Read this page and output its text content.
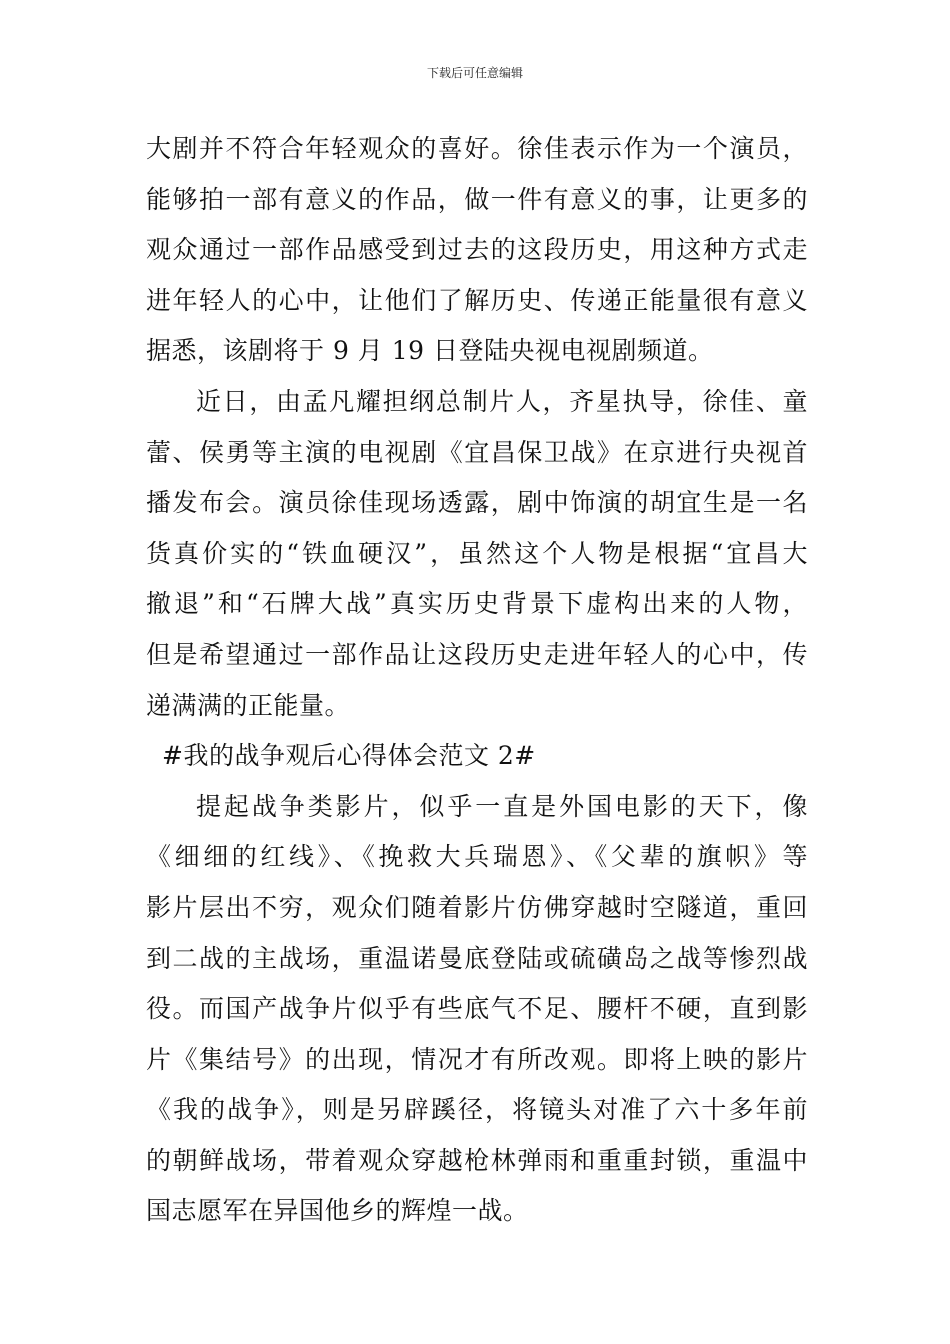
下载后可任意编辑
大剧并不符合年轻观众的喜好。徐佳表示作为一个演员，
能够拍一部有意义的作品，做一件有意义的事，让更多的
观众通过一部作品感受到过去的这段历史，用这种方式走
进年轻人的心中，让他们了解历史、传递正能量很有意义
据悉，该剧将于 9 月 19 日登陆央视电视剧频道。
近日，由孟凡耀担纲总制片人，齐星执导，徐佳、童
蕾、侯勇等主演的电视剧《宜昌保卫战》在京进行央视首
播发布会。演员徐佳现场透露，剧中饰演的胡宜生是一名
货真价实的“铁血硬汉”，虽然这个人物是根据“宜昌大
撤退”和“石牌大战”真实历史背景下虚构出来的人物，
但是希望通过一部作品让这段历史走进年轻人的心中，传
递满满的正能量。
#我的战争观后心得体会范文 2#
提起战争类影片，似乎一直是外国电影的天下，像
《细细的红线》、《挽救大兵瑞恩》、《父辈的旗帜》等
影片层出不穷，观众们随着影片仿佛穿越时空隧道，重回
到二战的主战场，重温诺曼底登陆或硫磺岛之战等惨烈战
役。而国产战争片似乎有些底气不足、腰杆不硬，直到影
片《集结号》的出现，情况才有所改观。即将上映的影片
《我的战争》，则是另辟蹊径，将镜头对准了六十多年前
的朝鲜战场，带着观众穿越枪林弹雨和重重封锁，重温中
国志愿军在异国他乡的辉煌一战。
